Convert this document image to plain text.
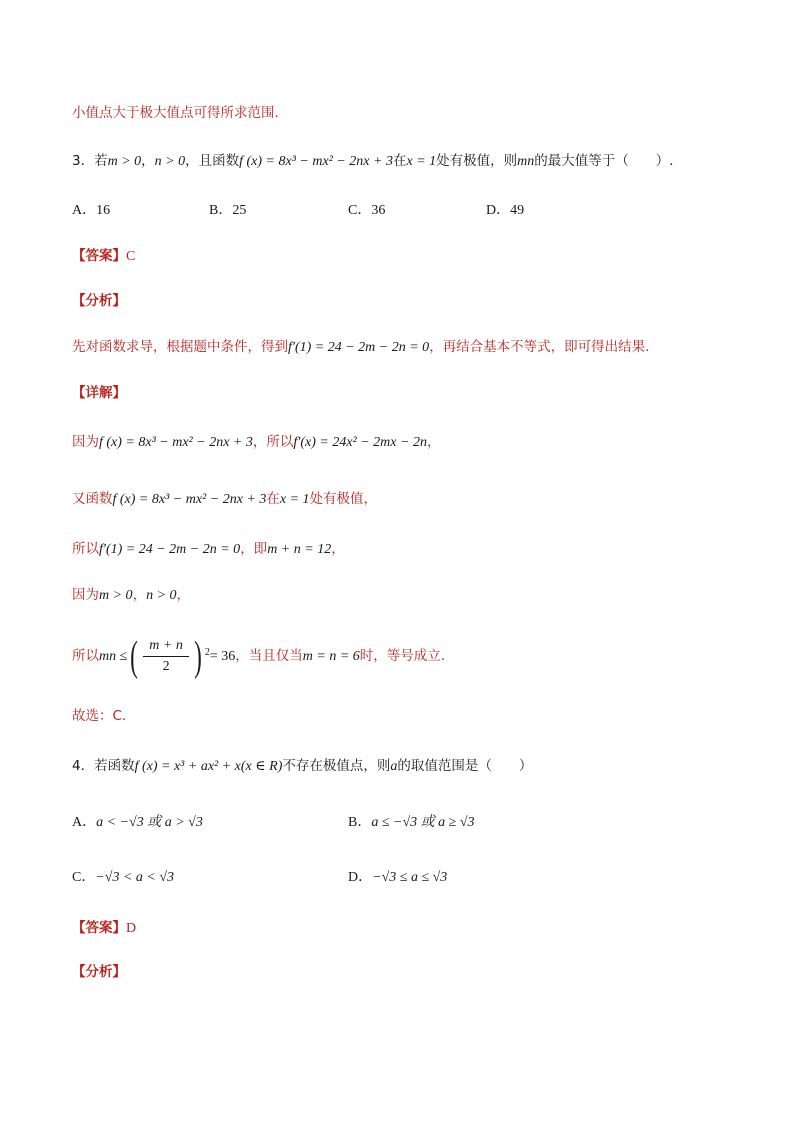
小值点大于极大值点可得所求范围.
3．若m > 0，n > 0，且函数f (x) = 8x³ − mx² − 2nx + 3在x = 1处有极值，则mn的最大值等于（　　）.
A．16	B．25	C．36	D．49
【答案】C
【分析】
先对函数求导，根据题中条件，得到f′(1) = 24 − 2m − 2n = 0，再结合基本不等式，即可得出结果.
【详解】
因为f (x) = 8x³ − mx² − 2nx + 3，所以f′(x) = 24x² − 2mx − 2n，
又函数f (x) = 8x³ − mx² − 2nx + 3在x = 1处有极值，
所以f′(1) = 24 − 2m − 2n = 0，即m + n = 12，
因为m > 0，n > 0，
所以mn ≤( $\frac{m + n}{2}$ ) $^2$= 36，当且仅当m = n = 6时，等号成立.
故选：C.
4．若函数f (x) = x³ + ax² + x(x ∈ R)不存在极值点，则a的取值范围是（　　）
A．a < −√3 或 a > √3	B．a ≤ −√3 或 a ≥ √3
C．−√3 < a < √3	D．−√3 ≤ a ≤ √3
【答案】D
【分析】
